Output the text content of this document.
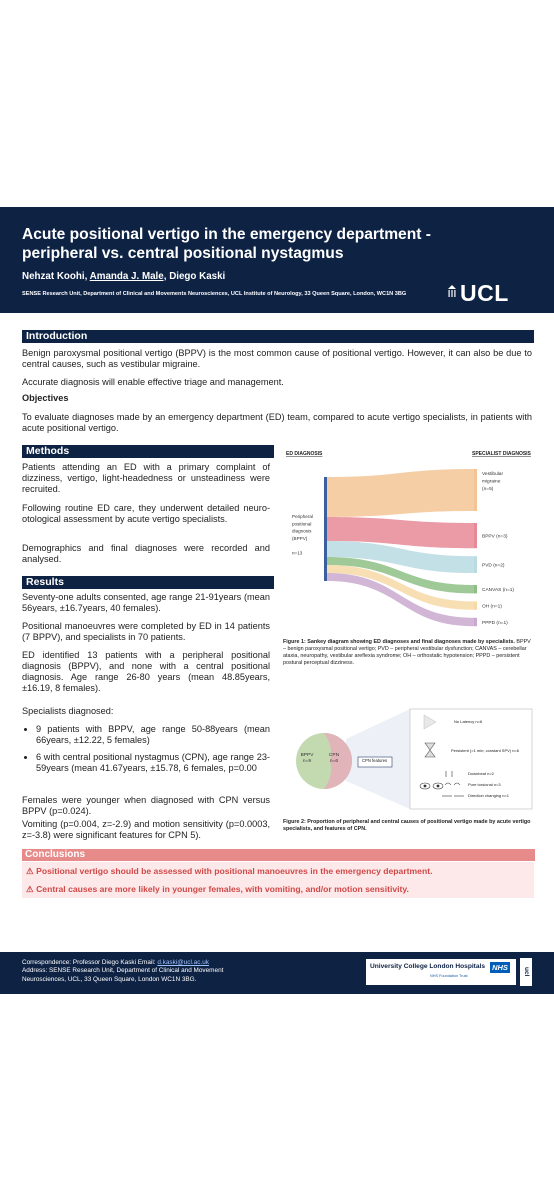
Acute positional vertigo in the emergency department - peripheral vs. central positional nystagmus
Nehzat Koohi, Amanda J. Male, Diego Kaski
SENSE Research Unit, Department of Clinical and Movements Neurosciences, UCL Institute of Neurology, 33 Queen Square, London, WC1N 3BG	UCL
Introduction
Benign paroxysmal positional vertigo (BPPV) is the most common cause of positional vertigo. However, it can also be due to central causes, such as vestibular migraine.
Accurate diagnosis will enable effective triage and management.
Objectives
To evaluate diagnoses made by an emergency department (ED) team, compared to acute vertigo specialists, in patients with acute positional vertigo.
Methods
Patients attending an ED with a primary complaint of dizziness, vertigo, light-headedness or unsteadiness were recruited.
Following routine ED care, they underwent detailed neuro-otological assessment by acute vertigo specialists.
Demographics and final diagnoses were recorded and analysed.
Results
Seventy-one adults consented, age range 21-91years (mean 56years, ±16.7years, 40 females).
Positional manoeuvres were completed by ED in 14 patients (7 BPPV), and specialists in 70 patients.
ED identified 13 patients with a peripheral positional diagnosis (BPPV), and none with a central positional diagnosis. Age range 26-80 years (mean 48.85years, ±16.19, 8 females).
Specialists diagnosed:
• 9 patients with BPPV, age range 50-88years (mean 66years, ±12.22, 5 females)
• 6 with central positional nystagmus (CPN), age range 23-59years (mean 41.67years, ±15.78, 6 females, p=0.00
Females were younger when diagnosed with CPN versus BPPV (p=0.024).
Vomiting (p=0.004, z=-2.9) and motion sensitivity (p=0.0003, z=-3.8) were significant features for CPN 5).
ED DIAGNOSIS	SPECIALIST DIAGNOSIS
Peripheral
positional
diagnosis
(BPPV)
n=13
Vestibular
migraine
(n=5)
BPPV (n=3)
PVD (n=2)
CANVAS (n=1)
OH (n=1)
PPPD (n=1)
Figure 1: Sankey diagram showing ED diagnoses and final diagnoses made by specialists. BPPV – benign paroxysmal positional vertigo; PVD – peripheral vestibular dysfunction; CANVAS – cerebellar ataxia, neuropathy, vestibular areflexia syndrome; OH – orthostatic hypotension; PPPD – persistent postural perceptual dizziness.
BPPV
n=9
CPN
n=6	CPN features
No Latency n=6
Persistent (>1 min; constant SPV) n=6
Downbeat n=2
Pure torsional n=3
Direction changing n=1
Figure 2: Proportion of peripheral and central causes of positional vertigo made by acute vertigo specialists, and features of CPN.
Conclusions
⚠ Positional vertigo should be assessed with positional manoeuvres in the emergency department.
⚠ Central causes are more likely in younger females, with vomiting, and/or motion sensitivity.
Correspondence: Professor Diego Kaski Email: d.kaski@ucl.ac.uk
Address: SENSE Research Unit, Department of Clinical and Movement
Neurosciences, UCL, 33 Queen Square, London WC1N 3BG.
University College London Hospitals NHS
NHS Foundation Trust	ucl
